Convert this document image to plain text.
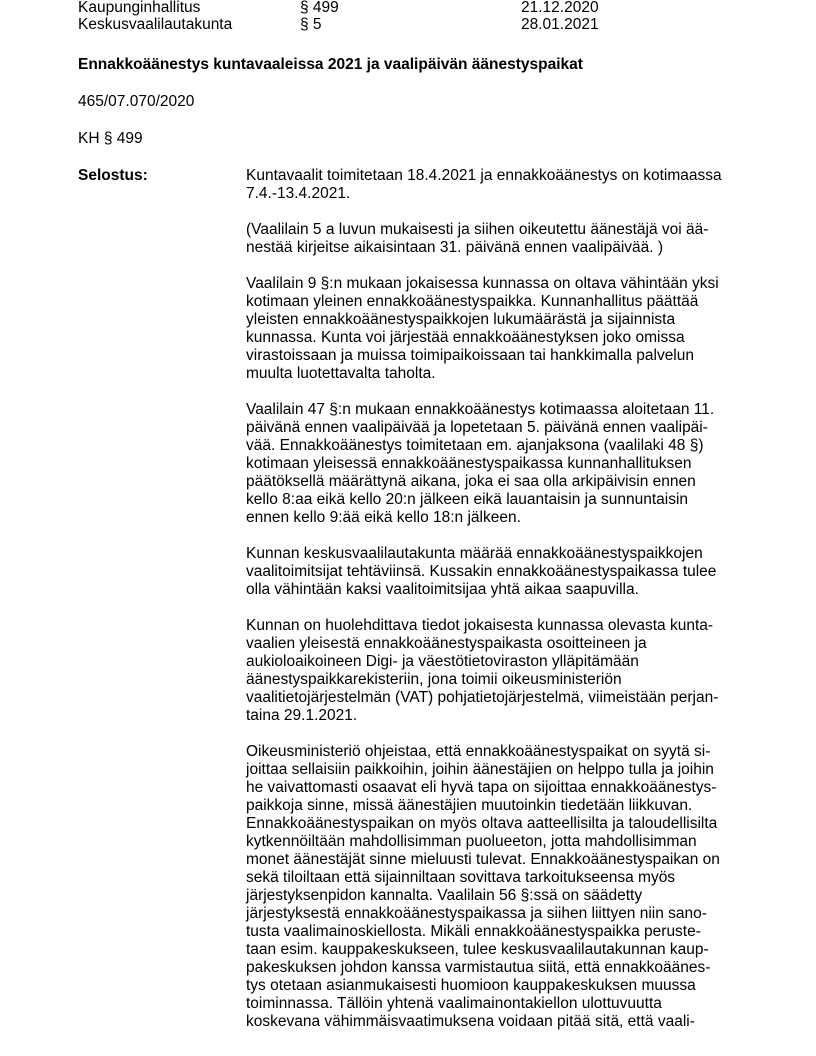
Kaupunginhallitus	§ 499	21.12.2020
Keskusvaalilautakunta	§ 5	28.01.2021
Ennakkoäänestys kuntavaaleissa 2021 ja vaalipäivän äänestyspaikat
465/07.070/2020
KH § 499
Selostus:	Kuntavaalit toimitetaan 18.4.2021 ja ennakkoäänestys on kotimaassa
7.4.-13.4.2021.

(Vaalilain 5 a luvun mukaisesti ja siihen oikeutettu äänestäjä voi ää-
nestää kirjeitse aikaisintaan 31. päivänä ennen vaalipäivää. )

Vaalilain 9 §:n mukaan jokaisessa kunnassa on oltava vähintään yksi
kotimaan yleinen ennakkoäänestyspaikka. Kunnanhallitus päättää
yleisten ennakkoäänestyspaikkojen lukumäärästä ja sijainnista
kunnassa. Kunta voi järjestää ennakkoäänestyksen joko omissa
virastoissaan ja muissa toimipaikoissaan tai hankkimalla palvelun
muulta luotettavalta taholta.

Vaalilain 47 §:n mukaan ennakkoäänestys kotimaassa aloitetaan 11.
päivänä ennen vaalipäivää ja lopetetaan 5. päivänä ennen vaalipäi-
vää. Ennakkoäänestys toimitetaan em. ajanjaksona (vaalilaki 48 §)
kotimaan yleisessä ennakkoäänestyspaikassa kunnanhallituksen
päätöksellä määrättynä aikana, joka ei saa olla arkipäivisin ennen
kello 8:aa eikä kello 20:n jälkeen eikä lauantaisin ja sunnuntaisin
ennen kello 9:ää eikä kello 18:n jälkeen.

Kunnan keskusvaalilautakunta määrää ennakkoäänestyspaikkojen
vaalitoimitsijat tehtäviinsä. Kussakin ennakkoäänestyspaikassa tulee
olla vähintään kaksi vaalitoimitsijaa yhtä aikaa saapuvilla.

Kunnan on huolehdittava tiedot jokaisesta kunnassa olevasta kunta-
vaalien yleisestä ennakkoäänestyspaikasta osoitteineen ja
aukioloaikoineen Digi- ja väestötietoviraston ylläpitämään
äänestyspaikkarekisteriin, jona toimii oikeusministeriön
vaalitietojärjestelmän (VAT) pohjatietojärjestelmä, viimeistään perjan-
taina 29.1.2021.

Oikeusministeriö ohjeistaa, että ennakkoäänestyspaikat on syytä si-
joittaa sellaisiin paikkoihin, joihin äänestäjien on helppo tulla ja joihin
he vaivattomasti osaavat eli hyvä tapa on sijoittaa ennakkoäänestys-
paikkoja sinne, missä äänestäjien muutoinkin tiedetään liikkuvan.
Ennakkoäänestyspaikan on myös oltava aatteellisilta ja taloudellisilta
kytkennöiltään mahdollisimman puolueeton, jotta mahdollisimman
monet äänestäjät sinne mieluusti tulevat. Ennakkoäänestyspaikan on
sekä tiloiltaan että sijainniltaan sovittava tarkoitukseensa myös
järjestyksenpidon kannalta. Vaalilain 56 §:ssä on säädetty
järjestyksestä ennakkoäänestyspaikassa ja siihen liittyen niin sano-
tusta vaalimainoskiellosta. Mikäli ennakkoäänestyspaikka peruste-
taan esim. kauppakeskukseen, tulee keskusvaalilautakunnan kaup-
pakeskuksen johdon kanssa varmistautua siitä, että ennakkoäänes-
tys otetaan asianmukaisesti huomioon kauppakeskuksen muussa
toiminnassa. Tällöin yhtenä vaalimainontakiellon ulottuvuutta
koskevana vähimmäisvaatimuksena voidaan pitää sitä, että vaali-
